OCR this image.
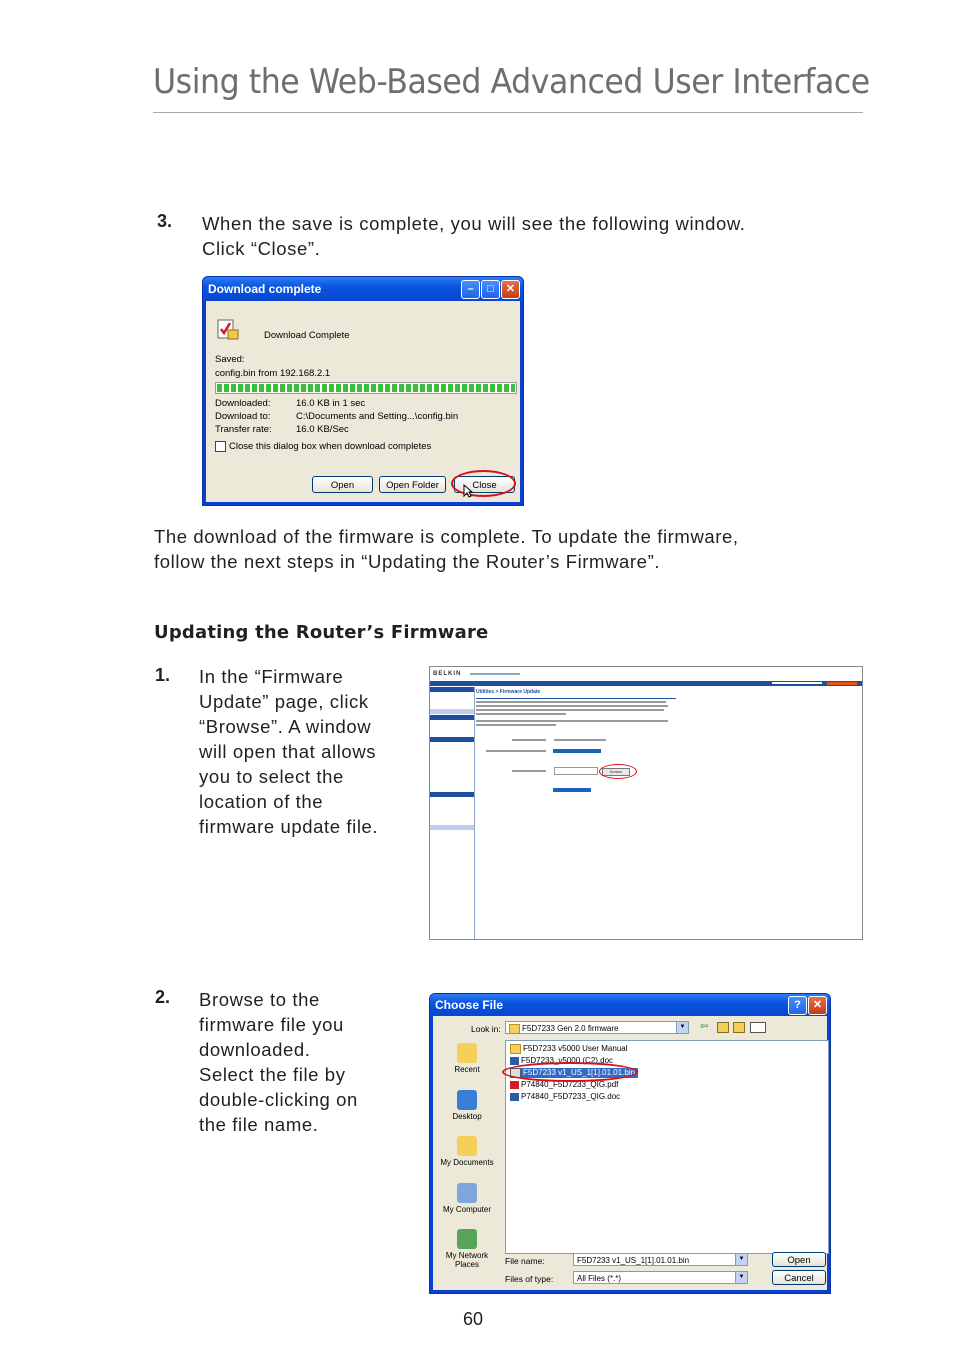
Using the Web-Based Advanced User Interface
3. When the save is complete, you will see the following window.
Click “Close”.
Download complete	–	□	✕
Download Complete
Saved:
config.bin from 192.168.2.1
Downloaded:	16.0 KB in 1 sec
Download to:	C:\Documents and Setting...\config.bin
Transfer rate:	16.0 KB/Sec
Close this dialog box when download completes
Open	Open Folder	Close
The download of the firmware is complete. To update the firmware,
follow the next steps in “Updating the Router’s Firmware”.
Updating the Router’s Firmware
1. In the “Firmware
Update” page, click
“Browse”. A window
will open that allows
you to select the
location of the
firmware update file.
BELKIN
Utilities > Firmware Update
Browse
2. Browse to the
firmware file you
downloaded.
Select the file by
double-clicking on
the file name.
Choose File	?	✕
Look in:	F5D7233 Gen 2.0 firmware	▼ ⇦
Recent
Desktop
My Documents
My Computer
My Network Places
F5D7233 v5000 User Manual
F5D7233_v5000 (C2).doc
F5D7233 v1_US_1[1].01.01.bin
P74840_F5D7233_QIG.pdf
P74840_F5D7233_QIG.doc
File name:	F5D7233 v1_US_1[1].01.01.bin	▼
Files of type:	All Files (*.*)	▼
Open
Cancel
60
